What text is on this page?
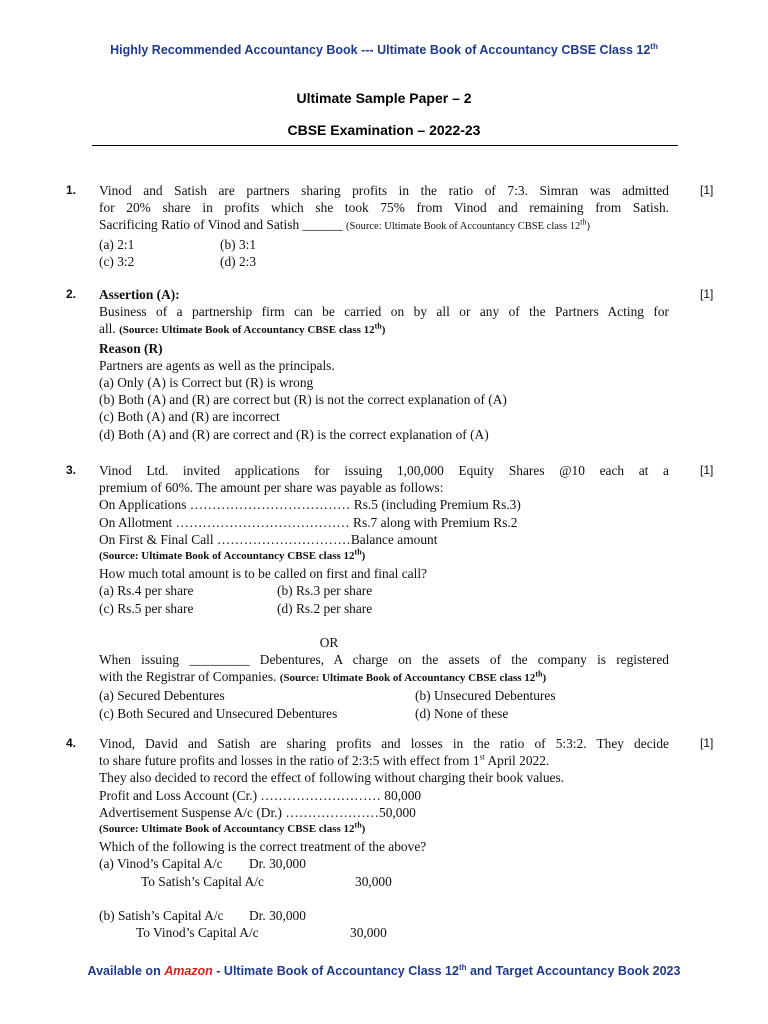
Highly Recommended Accountancy Book --- Ultimate Book of Accountancy CBSE Class 12th
Ultimate Sample Paper – 2
CBSE Examination – 2022-23
1.	[1]
Vinod and Satish are partners sharing profits in the ratio of 7:3. Simran was admitted
for 20% share in profits which she took 75% from Vinod and remaining from Satish.
Sacrificing Ratio of Vinod and Satish ______ (Source: Ultimate Book of Accountancy CBSE class 12th)
(a) 2:1	(b) 3:1
(c) 3:2	(d) 2:3
2.	[1]
Assertion (A):
Business of a partnership firm can be carried on by all or any of the Partners Acting for
all. (Source: Ultimate Book of Accountancy CBSE class 12th)
Reason (R)
Partners are agents as well as the principals.
(a) Only (A) is Correct but (R) is wrong
(b) Both (A) and (R) are correct but (R) is not the correct explanation of (A)
(c) Both (A) and (R) are incorrect
(d) Both (A) and (R) are correct and (R) is the correct explanation of (A)
3.	[1]
Vinod Ltd. invited applications for issuing 1,00,000 Equity Shares @10 each at a
premium of 60%. The amount per share was payable as follows:
On Applications ……………………………… Rs.5 (including Premium Rs.3)
On Allotment ………………………………… Rs.7 along with Premium Rs.2
On First & Final Call …………………………Balance amount
(Source: Ultimate Book of Accountancy CBSE class 12th)
How much total amount is to be called on first and final call?
(a) Rs.4 per share	(b) Rs.3 per share
(c) Rs.5 per share	(d) Rs.2 per share
OR
When issuing _________ Debentures, A charge on the assets of the company is registered
with the Registrar of Companies. (Source: Ultimate Book of Accountancy CBSE class 12th)
(a) Secured Debentures	(b) Unsecured Debentures
(c) Both Secured and Unsecured Debentures	(d) None of these
4.	[1]
Vinod, David and Satish are sharing profits and losses in the ratio of 5:3:2. They decide
to share future profits and losses in the ratio of 2:3:5 with effect from 1st April 2022.
They also decided to record the effect of following without charging their book values.
Profit and Loss Account (Cr.) ……………………… 80,000
Advertisement Suspense A/c (Dr.) …………………50,000
(Source: Ultimate Book of Accountancy CBSE class 12th)
Which of the following is the correct treatment of the above?
(a) Vinod’s Capital A/c Dr. 30,000
To Satish’s Capital A/c	30,000
(b) Satish’s Capital A/c Dr. 30,000
To Vinod’s Capital A/c	30,000
Available on Amazon - Ultimate Book of Accountancy Class 12th and Target Accountancy Book 2023
